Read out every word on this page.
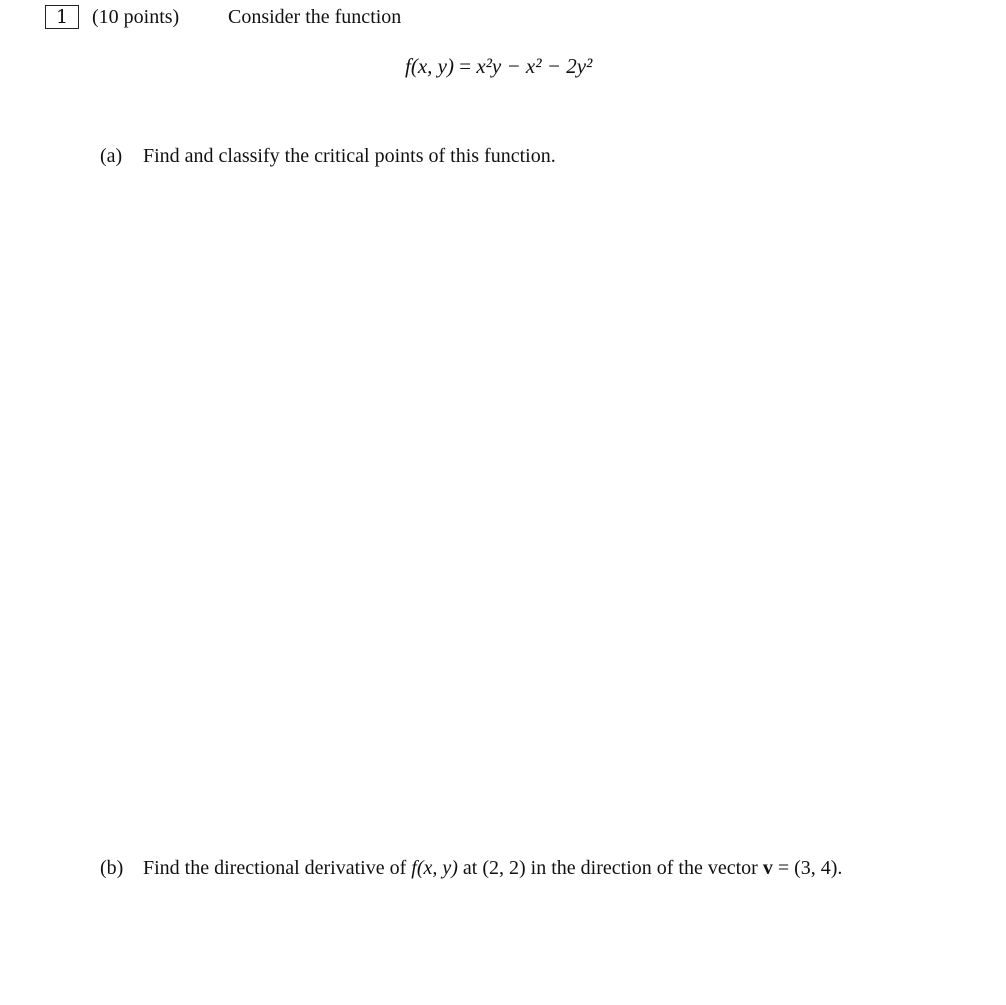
1	(10 points) Consider the function
f(x, y) = x²y − x² − 2y²
(a) Find and classify the critical points of this function.
(b) Find the directional derivative of f(x, y) at (2, 2) in the direction of the vector v = (3, 4).
